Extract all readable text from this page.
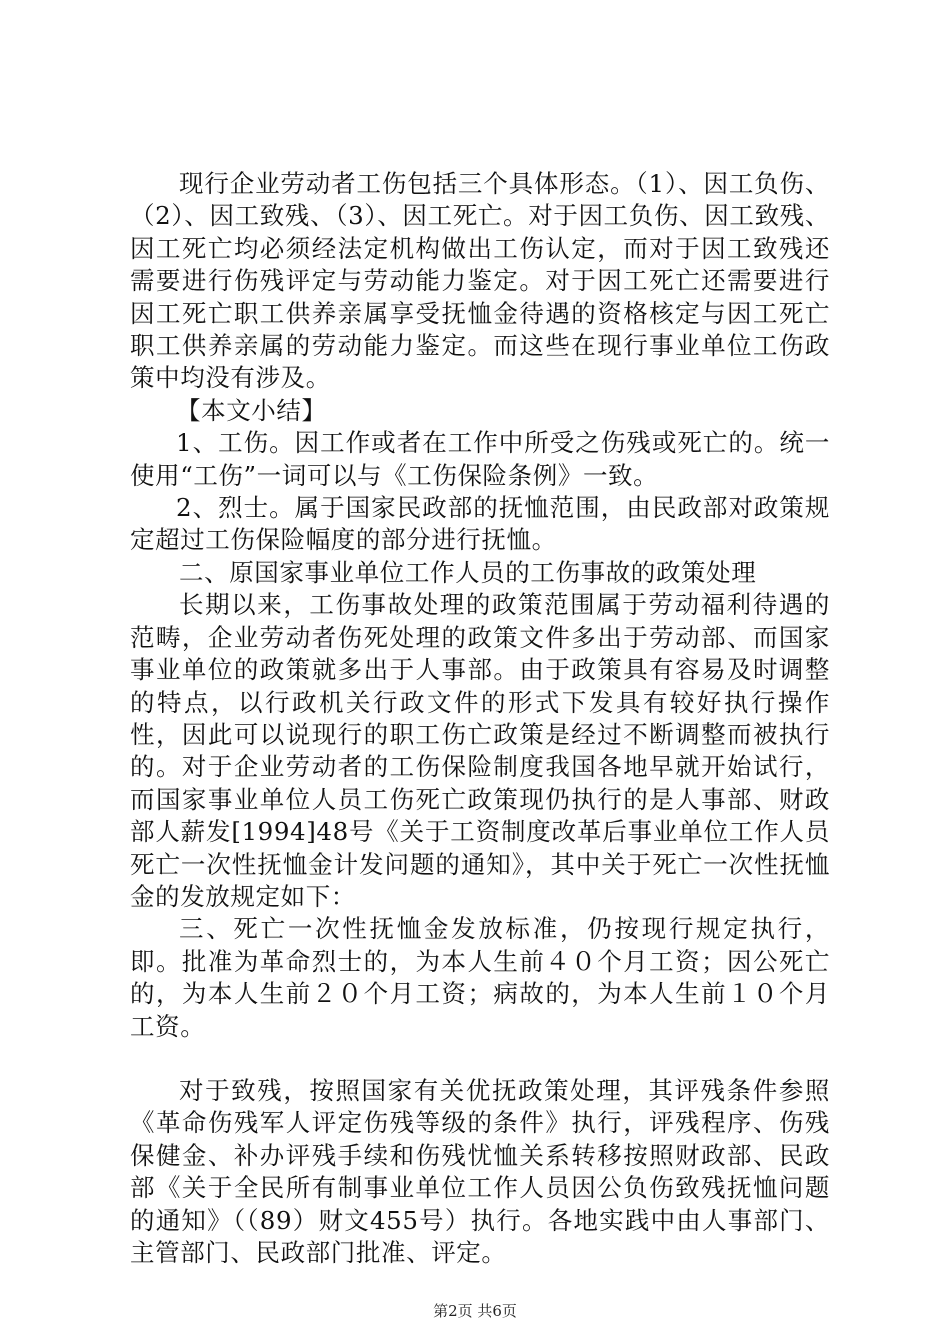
现行企业劳动者工伤包括三个具体形态。（1）、因工负伤、（2）、因工致残、（3）、因工死亡。对于因工负伤、因工致残、因工死亡均必须经法定机构做出工伤认定，而对于因工致残还需要进行伤残评定与劳动能力鉴定。对于因工死亡还需要进行因工死亡职工供养亲属享受抚恤金待遇的资格核定与因工死亡职工供养亲属的劳动能力鉴定。而这些在现行事业单位工伤政策中均没有涉及。

【本文小结】

1、工伤。因工作或者在工作中所受之伤残或死亡的。统一使用“工伤”一词可以与《工伤保险条例》一致。

2、烈士。属于国家民政部的抚恤范围，由民政部对政策规定超过工伤保险幅度的部分进行抚恤。

二、原国家事业单位工作人员的工伤事故的政策处理

长期以来，工伤事故处理的政策范围属于劳动福利待遇的范畴，企业劳动者伤死处理的政策文件多出于劳动部、而国家事业单位的政策就多出于人事部。由于政策具有容易及时调整的特点，以行政机关行政文件的形式下发具有较好执行操作性，因此可以说现行的职工伤亡政策是经过不断调整而被执行的。对于企业劳动者的工伤保险制度我国各地早就开始试行，而国家事业单位人员工伤死亡政策现仍执行的是人事部、财政部人薪发[1994]48号《关于工资制度改革后事业单位工作人员死亡一次性抚恤金计发问题的通知》，其中关于死亡一次性抚恤金的发放规定如下：

三、死亡一次性抚恤金发放标准，仍按现行规定执行，即。批准为革命烈士的，为本人生前４０个月工资；因公死亡的，为本人生前２０个月工资；病故的，为本人生前１０个月工资。

对于致残，按照国家有关优抚政策处理，其评残条件参照《革命伤残军人评定伤残等级的条件》执行，评残程序、伤残保健金、补办评残手续和伤残忧恤关系转移按照财政部、民政部《关于全民所有制事业单位工作人员因公负伤致残抚恤问题的通知》（（89）财文455号）执行。各地实践中由人事部门、主管部门、民政部门批准、评定。

第2页 共6页
